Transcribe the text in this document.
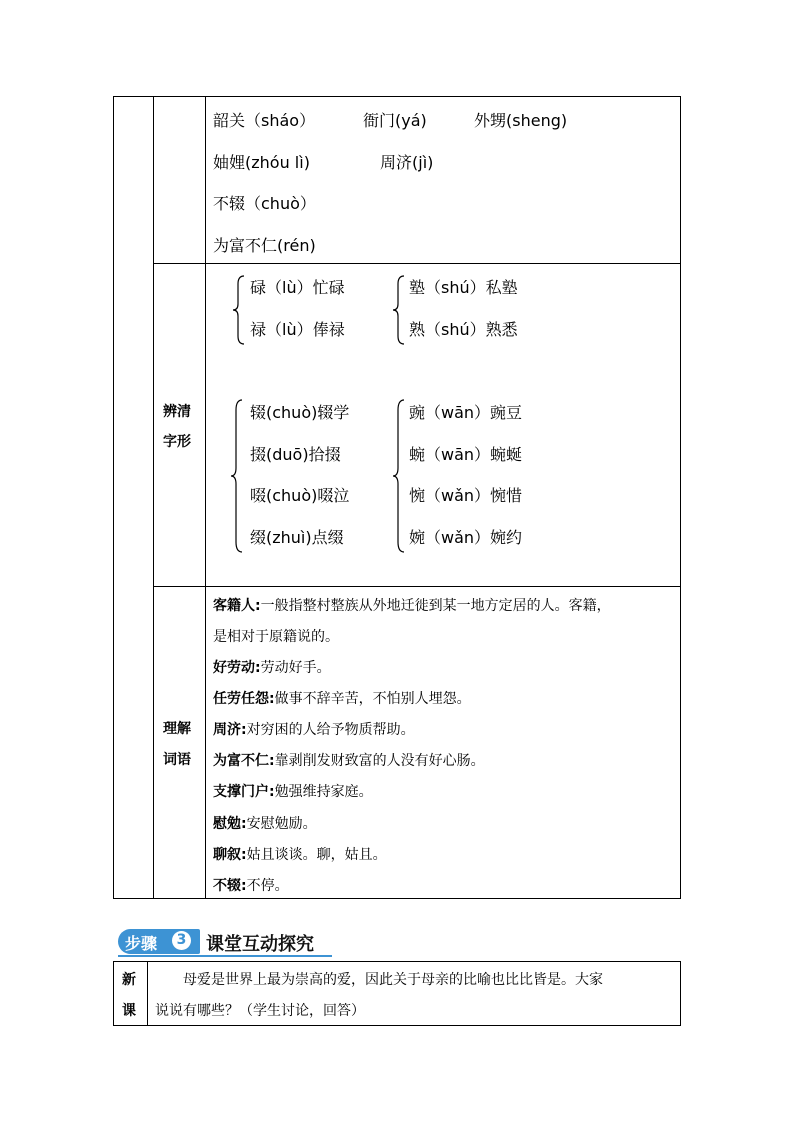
韶关（sháo）	衙门(yá)	外甥(sheng)
妯娌(zhóu lì)	周济(jì)
不辍（chuò）
为富不仁(rén)
辨清
字形
碌（lù）忙碌
禄（lù）俸禄
塾（shú）私塾
熟（shú）熟悉
辍(chuò)辍学
掇(duō)拾掇
啜(chuò)啜泣
缀(zhuì)点缀
豌（wān）豌豆
蜿（wān）蜿蜒
惋（wǎn）惋惜
婉（wǎn）婉约
理解
词语
客籍人:一般指整村整族从外地迁徙到某一地方定居的人。客籍，
是相对于原籍说的。
好劳动:劳动好手。
任劳任怨:做事不辞辛苦，不怕别人埋怨。
周济:对穷困的人给予物质帮助。
为富不仁:靠剥削发财致富的人没有好心肠。
支撑门户:勉强维持家庭。
慰勉:安慰勉励。
聊叙:姑且谈谈。聊，姑且。
不辍:不停。
步骤	3 课堂互动探究
新
课
母爱是世界上最为崇高的爱，因此关于母亲的比喻也比比皆是。大家
说说有哪些？（学生讨论，回答）
